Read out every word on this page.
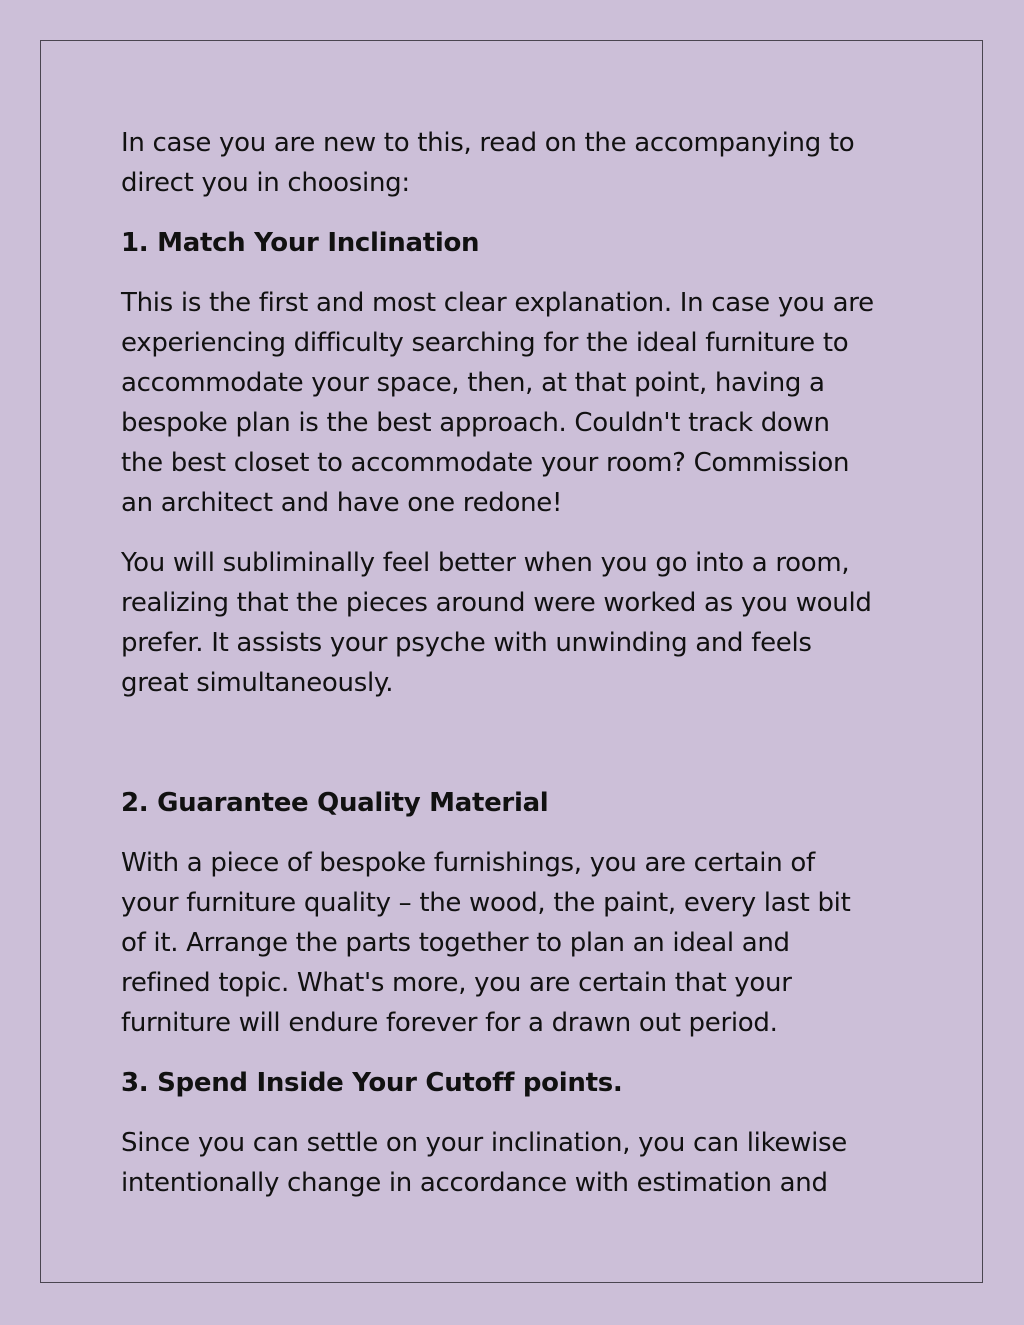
In case you are new to this, read on the accompanying to
direct you in choosing:

1. Match Your Inclination

This is the first and most clear explanation. In case you are
experiencing difficulty searching for the ideal furniture to
accommodate your space, then, at that point, having a
bespoke plan is the best approach. Couldn't track down
the best closet to accommodate your room? Commission
an architect and have one redone!

You will subliminally feel better when you go into a room,
realizing that the pieces around were worked as you would
prefer. It assists your psyche with unwinding and feels
great simultaneously.

2. Guarantee Quality Material

With a piece of bespoke furnishings, you are certain of
your furniture quality – the wood, the paint, every last bit
of it. Arrange the parts together to plan an ideal and
refined topic. What's more, you are certain that your
furniture will endure forever for a drawn out period.

3. Spend Inside Your Cutoff points.

Since you can settle on your inclination, you can likewise
intentionally change in accordance with estimation and
